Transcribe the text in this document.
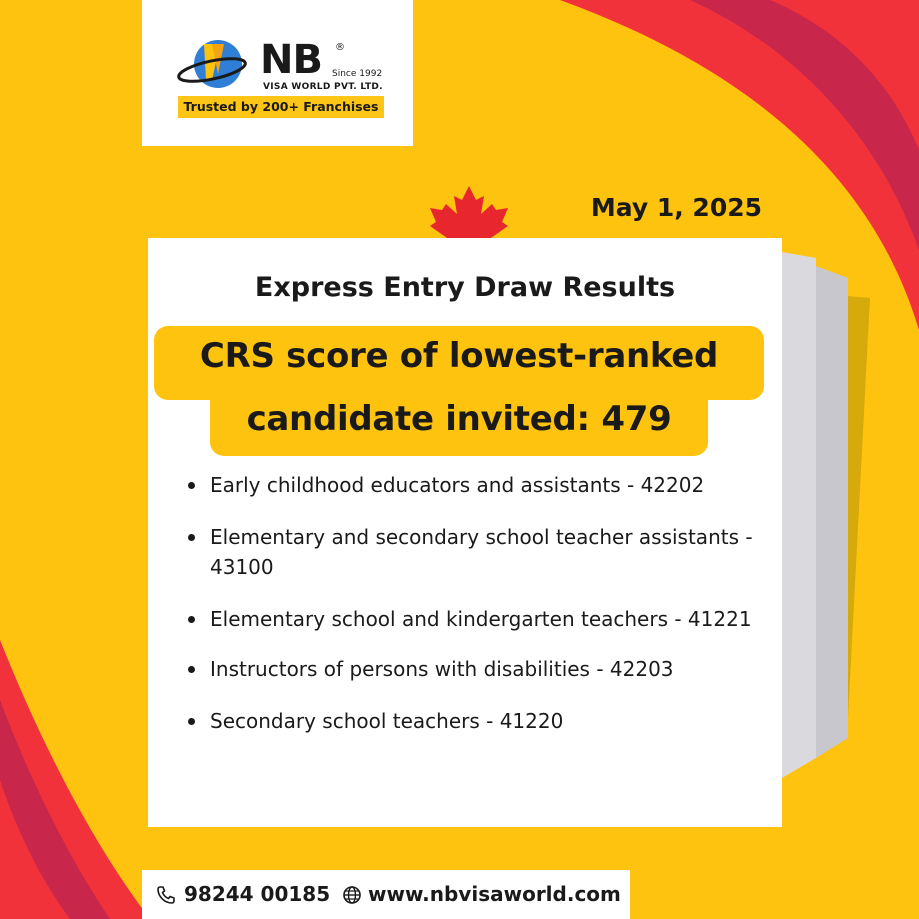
NB ®
Since 1992
VISA WORLD PVT. LTD.
Trusted by 200+ Franchises
May 1, 2025
Express Entry Draw Results
CRS score of lowest-ranked
candidate invited: 479
Early childhood educators and assistants - 42202
Elementary and secondary school teacher assistants - 43100
Elementary school and kindergarten teachers - 41221
Instructors of persons with disabilities - 42203
Secondary school teachers - 41220
98244 00185 www.nbvisaworld.com
